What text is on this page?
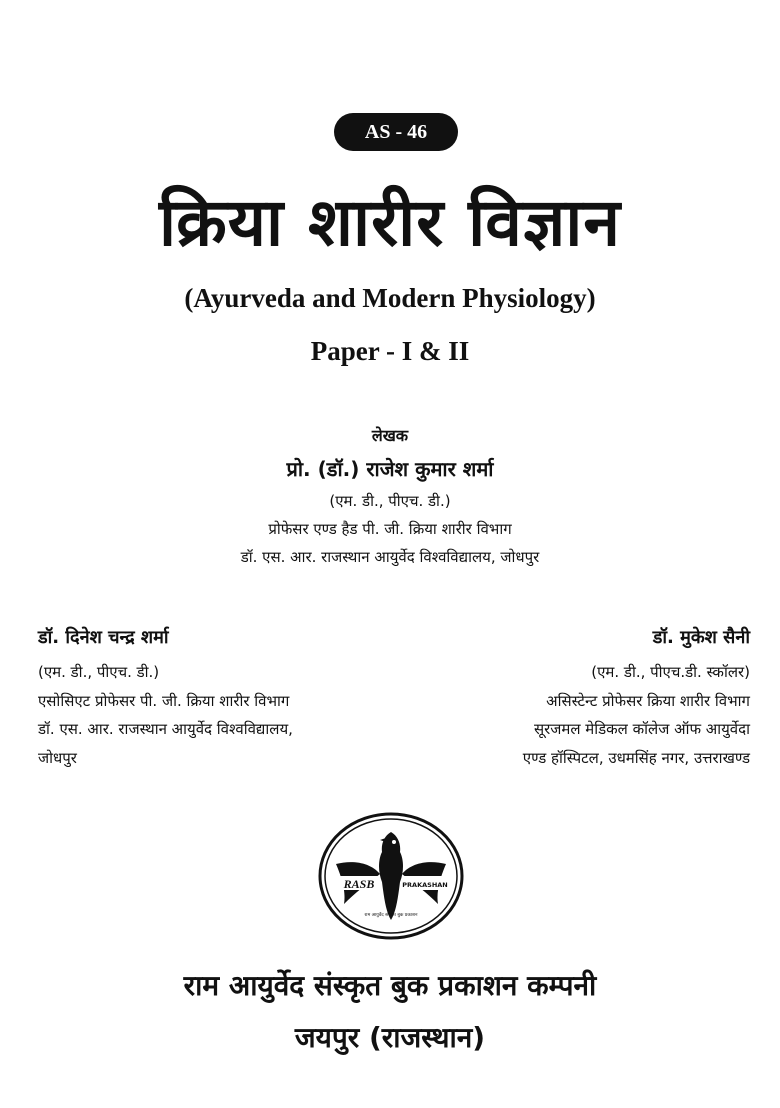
AS - 46
क्रिया शारीर विज्ञान
(Ayurveda and Modern Physiology)
Paper - I & II
लेखक
प्रो. (डॉ.) राजेश कुमार शर्मा
(एम. डी., पीएच. डी.)
प्रोफेसर एण्ड हैड पी. जी. क्रिया शारीर विभाग
डॉ. एस. आर. राजस्थान आयुर्वेद विश्वविद्यालय, जोधपुर
डॉ. दिनेश चन्द्र शर्मा
(एम. डी., पीएच. डी.)
एसोसिएट प्रोफेसर पी. जी. क्रिया शारीर विभाग
डॉ. एस. आर. राजस्थान आयुर्वेद विश्वविद्यालय,
जोधपुर
डॉ. मुकेश सैनी
(एम. डी., पीएच.डी. स्कॉलर)
असिस्टेन्ट प्रोफेसर क्रिया शारीर विभाग
सूरजमल मेडिकल कॉलेज ऑफ आयुर्वेदा
एण्ड हॉस्पिटल, उधमसिंह नगर, उत्तराखण्ड
RASB	PRAKASHAN
राम आयुर्वेद संस्कृत बुक प्रकाशन
राम आयुर्वेद संस्कृत बुक प्रकाशन कम्पनी
जयपुर (राजस्थान)
